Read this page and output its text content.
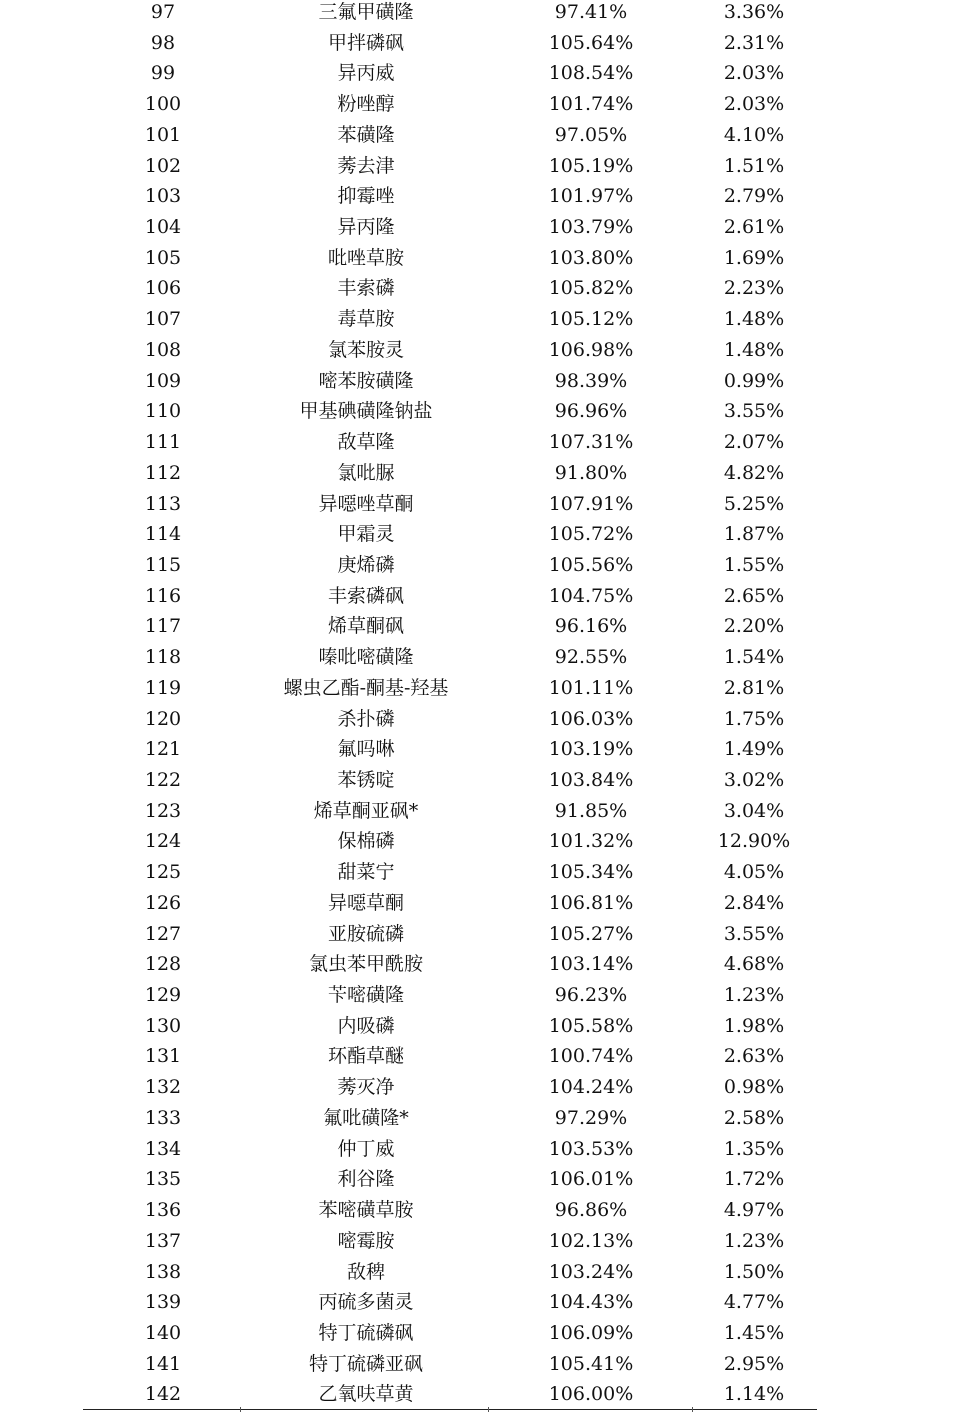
97	三氟甲磺隆	97.41%	3.36%
98	甲拌磷砜	105.64%	2.31%
99	异丙威	108.54%	2.03%
100	粉唑醇	101.74%	2.03%
101	苯磺隆	97.05%	4.10%
102	莠去津	105.19%	1.51%
103	抑霉唑	101.97%	2.79%
104	异丙隆	103.79%	2.61%
105	吡唑草胺	103.80%	1.69%
106	丰索磷	105.82%	2.23%
107	毒草胺	105.12%	1.48%
108	氯苯胺灵	106.98%	1.48%
109	嘧苯胺磺隆	98.39%	0.99%
110	甲基碘磺隆钠盐	96.96%	3.55%
111	敌草隆	107.31%	2.07%
112	氯吡脲	91.80%	4.82%
113	异噁唑草酮	107.91%	5.25%
114	甲霜灵	105.72%	1.87%
115	庚烯磷	105.56%	1.55%
116	丰索磷砜	104.75%	2.65%
117	烯草酮砜	96.16%	2.20%
118	嗪吡嘧磺隆	92.55%	1.54%
119	螺虫乙酯-酮基-羟基	101.11%	2.81%
120	杀扑磷	106.03%	1.75%
121	氟吗啉	103.19%	1.49%
122	苯锈啶	103.84%	3.02%
123	烯草酮亚砜*	91.85%	3.04%
124	保棉磷	101.32%	12.90%
125	甜菜宁	105.34%	4.05%
126	异噁草酮	106.81%	2.84%
127	亚胺硫磷	105.27%	3.55%
128	氯虫苯甲酰胺	103.14%	4.68%
129	苄嘧磺隆	96.23%	1.23%
130	内吸磷	105.58%	1.98%
131	环酯草醚	100.74%	2.63%
132	莠灭净	104.24%	0.98%
133	氟吡磺隆*	97.29%	2.58%
134	仲丁威	103.53%	1.35%
135	利谷隆	106.01%	1.72%
136	苯嘧磺草胺	96.86%	4.97%
137	嘧霉胺	102.13%	1.23%
138	敌稗	103.24%	1.50%
139	丙硫多菌灵	104.43%	4.77%
140	特丁硫磷砜	106.09%	1.45%
141	特丁硫磷亚砜	105.41%	2.95%
142	乙氧呋草黄	106.00%	1.14%
